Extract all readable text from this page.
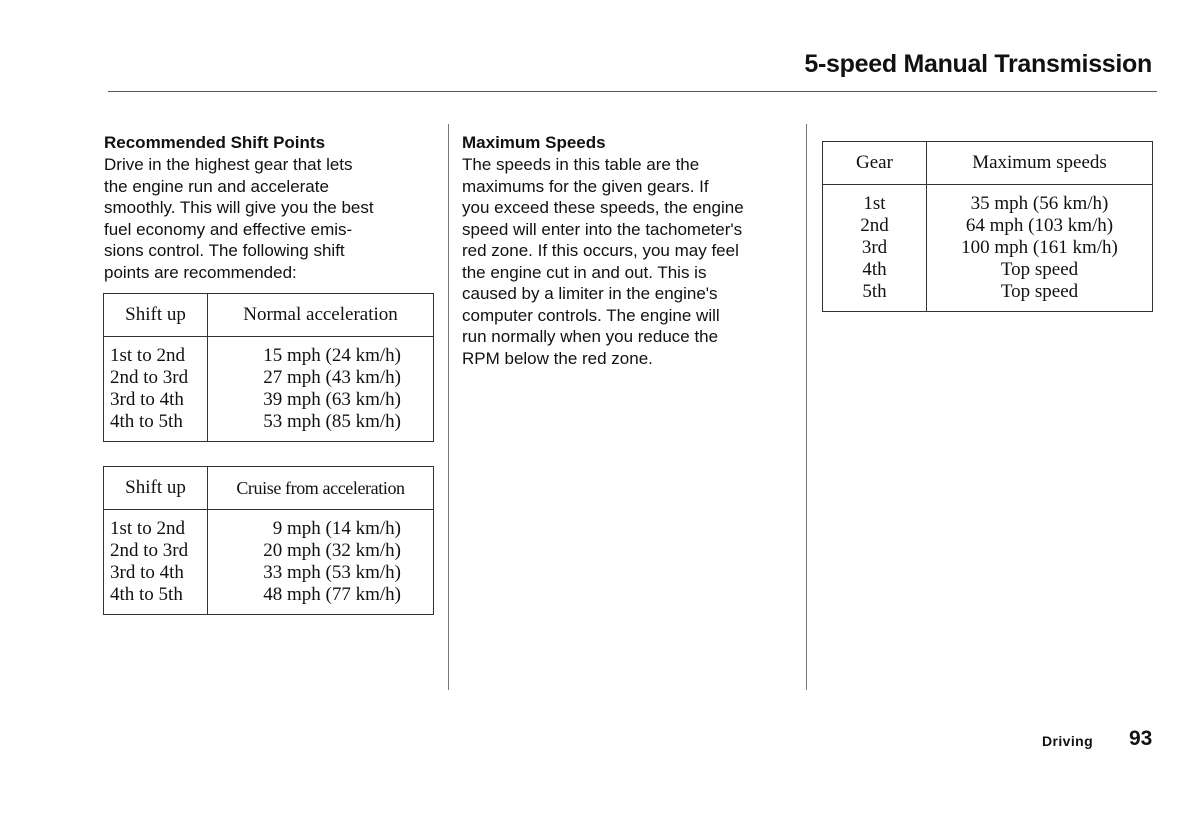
5-speed Manual Transmission
Recommended Shift Points

Drive in the highest gear that lets
the engine run and accelerate
smoothly. This will give you the best
fuel economy and effective emis-
sions control. The following shift
points are recommended:

Shift up	Normal acceleration
1st to 2nd	15 mph (24 km/h)
2nd to 3rd	27 mph (43 km/h)
3rd to 4th	39 mph (63 km/h)
4th to 5th	53 mph (85 km/h)
Shift up	Cruise from acceleration
1st to 2nd	9 mph (14 km/h)
2nd to 3rd	20 mph (32 km/h)
3rd to 4th	33 mph (53 km/h)
4th to 5th	48 mph (77 km/h)
Maximum Speeds

The speeds in this table are the
maximums for the given gears. If
you exceed these speeds, the engine
speed will enter into the tachometer's
red zone. If this occurs, you may feel
the engine cut in and out. This is
caused by a limiter in the engine's
computer controls. The engine will
run normally when you reduce the
RPM below the red zone.

Gear	Maximum speeds
1st	35 mph (56 km/h)
2nd	64 mph (103 km/h)
3rd	100 mph (161 km/h)
4th	Top speed
5th	Top speed
Driving 93
